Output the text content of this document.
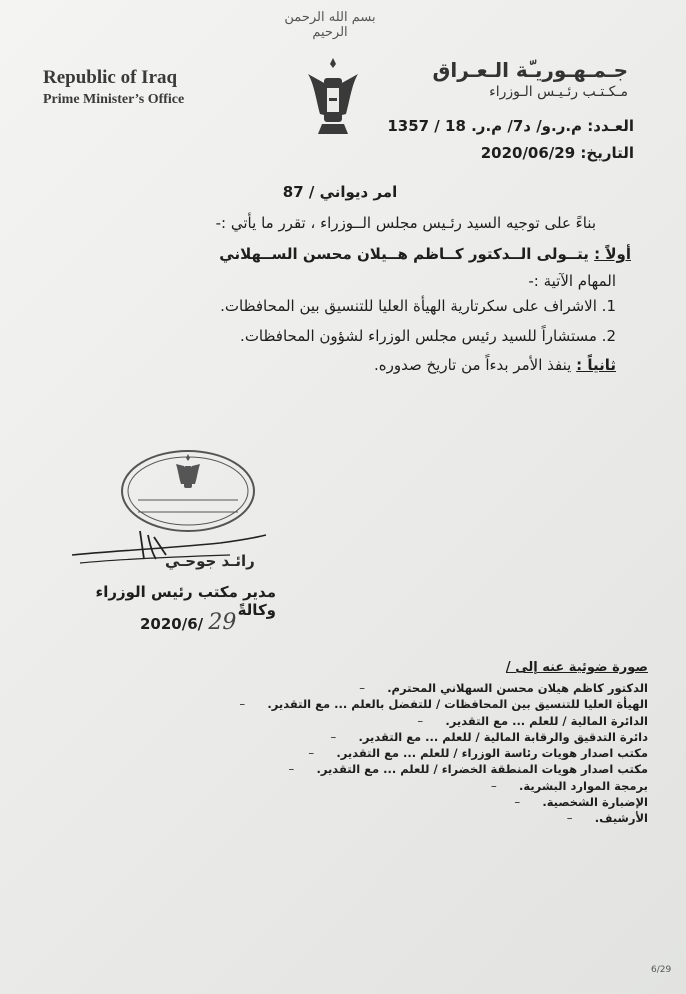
بسم الله الرحمن الرحيم
Republic of Iraq
Prime Minister’s Office
جـمـهـوريـّة الـعـراق
مـكـتـب رئـيـس الـوزراء
العـدد: م.ر.و/ د7/ م.ر. 18 / 1357
التاريخ: 2020/06/29
امر ديواني / 87
بناءً على توجيه السيد رئـيس مجلس الــوزراء ، تقرر ما يأتي :-
أولاً : يتــولى الــدكتور كــاظم هــيلان محسن الســهلاني
المهام الآتية :-
1. الاشراف على سكرتارية الهيأة العليا للتنسيق بين المحافظات.
2. مستشاراً للسيد رئيس مجلس الوزراء لشؤون المحافظات.
ثانياً : ينفذ الأمر بدءاً من تاريخ صدوره.
رائـد جوحـي
مدير مكتب رئيس الوزراء وكالةً
2020/6/ 29
صورة ضوئية عنه إلى /
الدكتور كاظم هيلان محسن السهلاني المحترم.–
الهيأة العليا للتنسيق بين المحافظات / للتفضل بالعلم ... مع التقدير.–
الدائرة المالية / للعلم ... مع التقدير.–
دائرة التدقيق والرقابة المالية / للعلم ... مع التقدير.–
مكتب اصدار هويات رئاسة الوزراء / للعلم ... مع التقدير.–
مكتب اصدار هويات المنطقة الخضراء / للعلم ... مع التقدير.–
برمجة الموارد البشرية.–
الإضبارة الشخصية.–
الأرشيف.–
6/29
